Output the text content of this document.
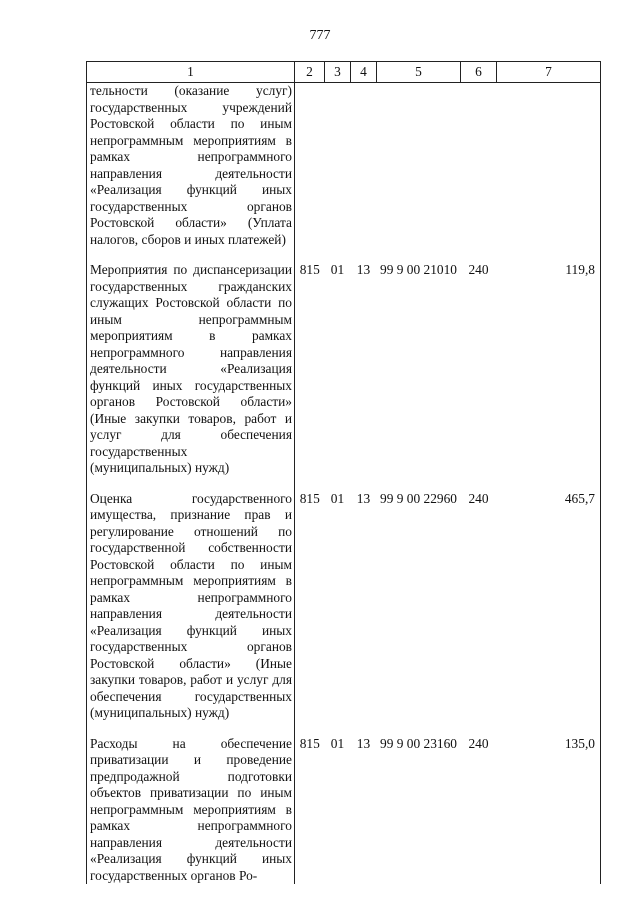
777
1	2	3	4	5	6	7
тельности (оказание услуг) государственных учреждений Ростовской области по иным непрограммным мероприятиям в рамках непрограммного направления деятельности «Реализация функций иных государственных органов Ростовской области» (Уплата налогов, сборов и иных платежей)						

Мероприятия по диспансеризации государственных гражданских служащих Ростовской области по иным непрограммным мероприятиям в рамках непрограммного направления деятельности «Реализация функций иных государственных органов Ростовской области» (Иные закупки товаров, работ и услуг для обеспечения государственных (муниципальных) нужд)	815	01	13	99 9 00 21010	240	119,8

Оценка государственного имущества, признание прав и регулирование отношений по государственной собственности Ростовской области по иным непрограммным мероприятиям в рамках непрограммного направления деятельности «Реализация функций иных государственных органов Ростовской области» (Иные закупки товаров, работ и услуг для обеспечения государственных (муниципальных) нужд)	815	01	13	99 9 00 22960	240	465,7

Расходы на обеспечение приватизации и проведение предпродажной подготовки объектов приватизации по иным непрограммным мероприятиям в рамках непрограммного направления деятельности «Реализация функций иных государственных органов Ро-	815	01	13	99 9 00 23160	240	135,0
